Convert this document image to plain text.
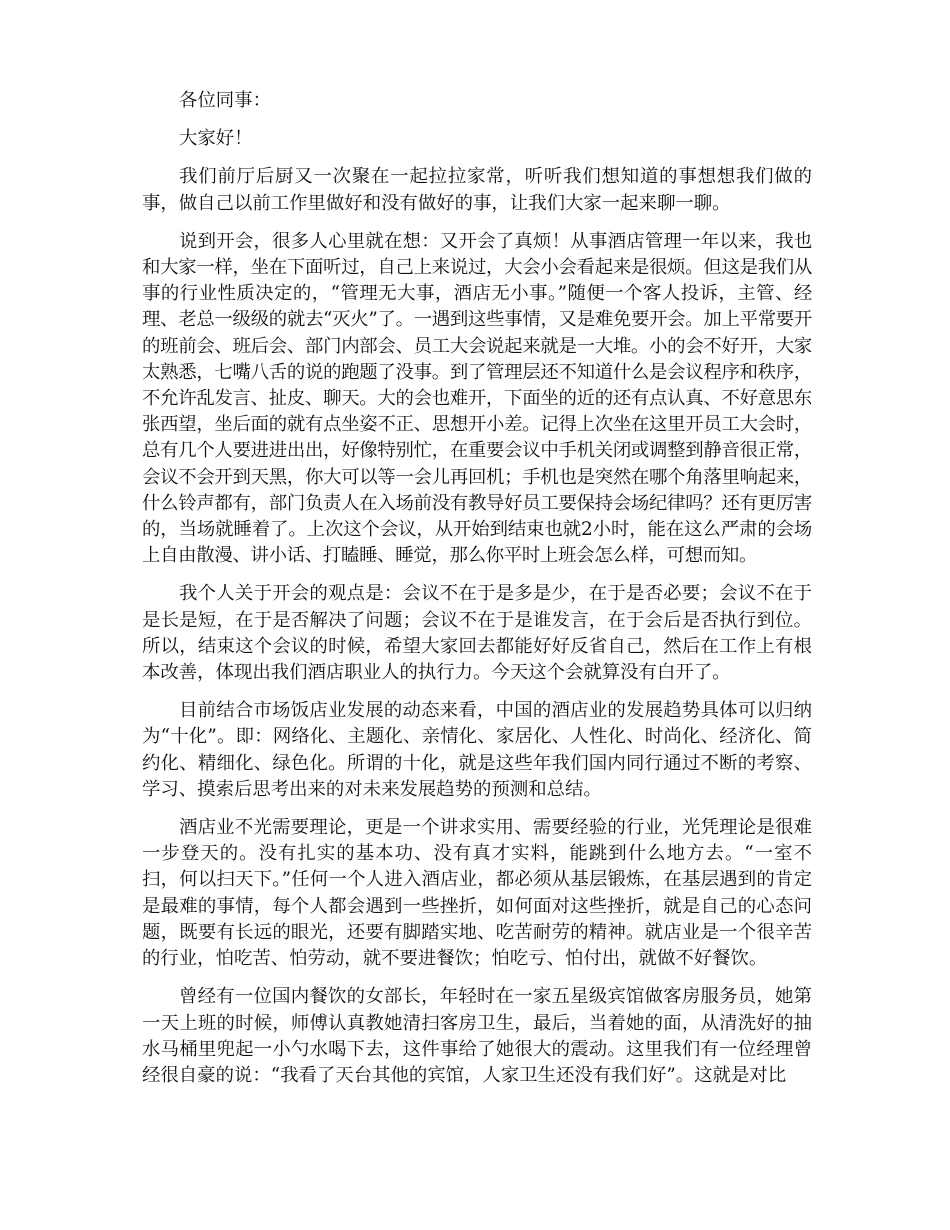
各位同事：

大家好！

我们前厅后厨又一次聚在一起拉拉家常，听听我们想知道的事想想我们做的事，做自己以前工作里做好和没有做好的事，让我们大家一起来聊一聊。

说到开会，很多人心里就在想：又开会了真烦！从事酒店管理一年以来，我也和大家一样，坐在下面听过，自己上来说过，大会小会看起来是很烦。但这是我们从事的行业性质决定的，“管理无大事，酒店无小事。”随便一个客人投诉，主管、经理、老总一级级的就去“灭火”了。一遇到这些事情，又是难免要开会。加上平常要开的班前会、班后会、部门内部会、员工大会说起来就是一大堆。小的会不好开，大家太熟悉，七嘴八舌的说的跑题了没事。到了管理层还不知道什么是会议程序和秩序，不允许乱发言、扯皮、聊天。大的会也难开，下面坐的近的还有点认真、不好意思东张西望，坐后面的就有点坐姿不正、思想开小差。记得上次坐在这里开员工大会时，总有几个人要进进出出，好像特别忙，在重要会议中手机关闭或调整到静音很正常，会议不会开到天黑，你大可以等一会儿再回机；手机也是突然在哪个角落里响起来，什么铃声都有，部门负责人在入场前没有教导好员工要保持会场纪律吗？还有更厉害的，当场就睡着了。上次这个会议，从开始到结束也就2小时，能在这么严肃的会场上自由散漫、讲小话、打瞌睡、睡觉，那么你平时上班会怎么样，可想而知。

我个人关于开会的观点是：会议不在于是多是少，在于是否必要；会议不在于是长是短，在于是否解决了问题；会议不在于是谁发言，在于会后是否执行到位。所以，结束这个会议的时候，希望大家回去都能好好反省自己，然后在工作上有根本改善，体现出我们酒店职业人的执行力。今天这个会就算没有白开了。

目前结合市场饭店业发展的动态来看，中国的酒店业的发展趋势具体可以归纳为“十化”。即：网络化、主题化、亲情化、家居化、人性化、时尚化、经济化、简约化、精细化、绿色化。所谓的十化，就是这些年我们国内同行通过不断的考察、学习、摸索后思考出来的对未来发展趋势的预测和总结。

酒店业不光需要理论，更是一个讲求实用、需要经验的行业，光凭理论是很难一步登天的。没有扎实的基本功、没有真才实料，能跳到什么地方去。“一室不扫，何以扫天下。”任何一个人进入酒店业，都必须从基层锻炼，在基层遇到的肯定是最难的事情，每个人都会遇到一些挫折，如何面对这些挫折，就是自己的心态问题，既要有长远的眼光，还要有脚踏实地、吃苦耐劳的精神。就店业是一个很辛苦的行业，怕吃苦、怕劳动，就不要进餐饮；怕吃亏、怕付出，就做不好餐饮。

曾经有一位国内餐饮的女部长，年轻时在一家五星级宾馆做客房服务员，她第一天上班的时候，师傅认真教她清扫客房卫生，最后，当着她的面，从清洗好的抽水马桶里兜起一小勺水喝下去，这件事给了她很大的震动。这里我们有一位经理曾经很自豪的说：“我看了天台其他的宾馆，人家卫生还没有我们好”。这就是对比
